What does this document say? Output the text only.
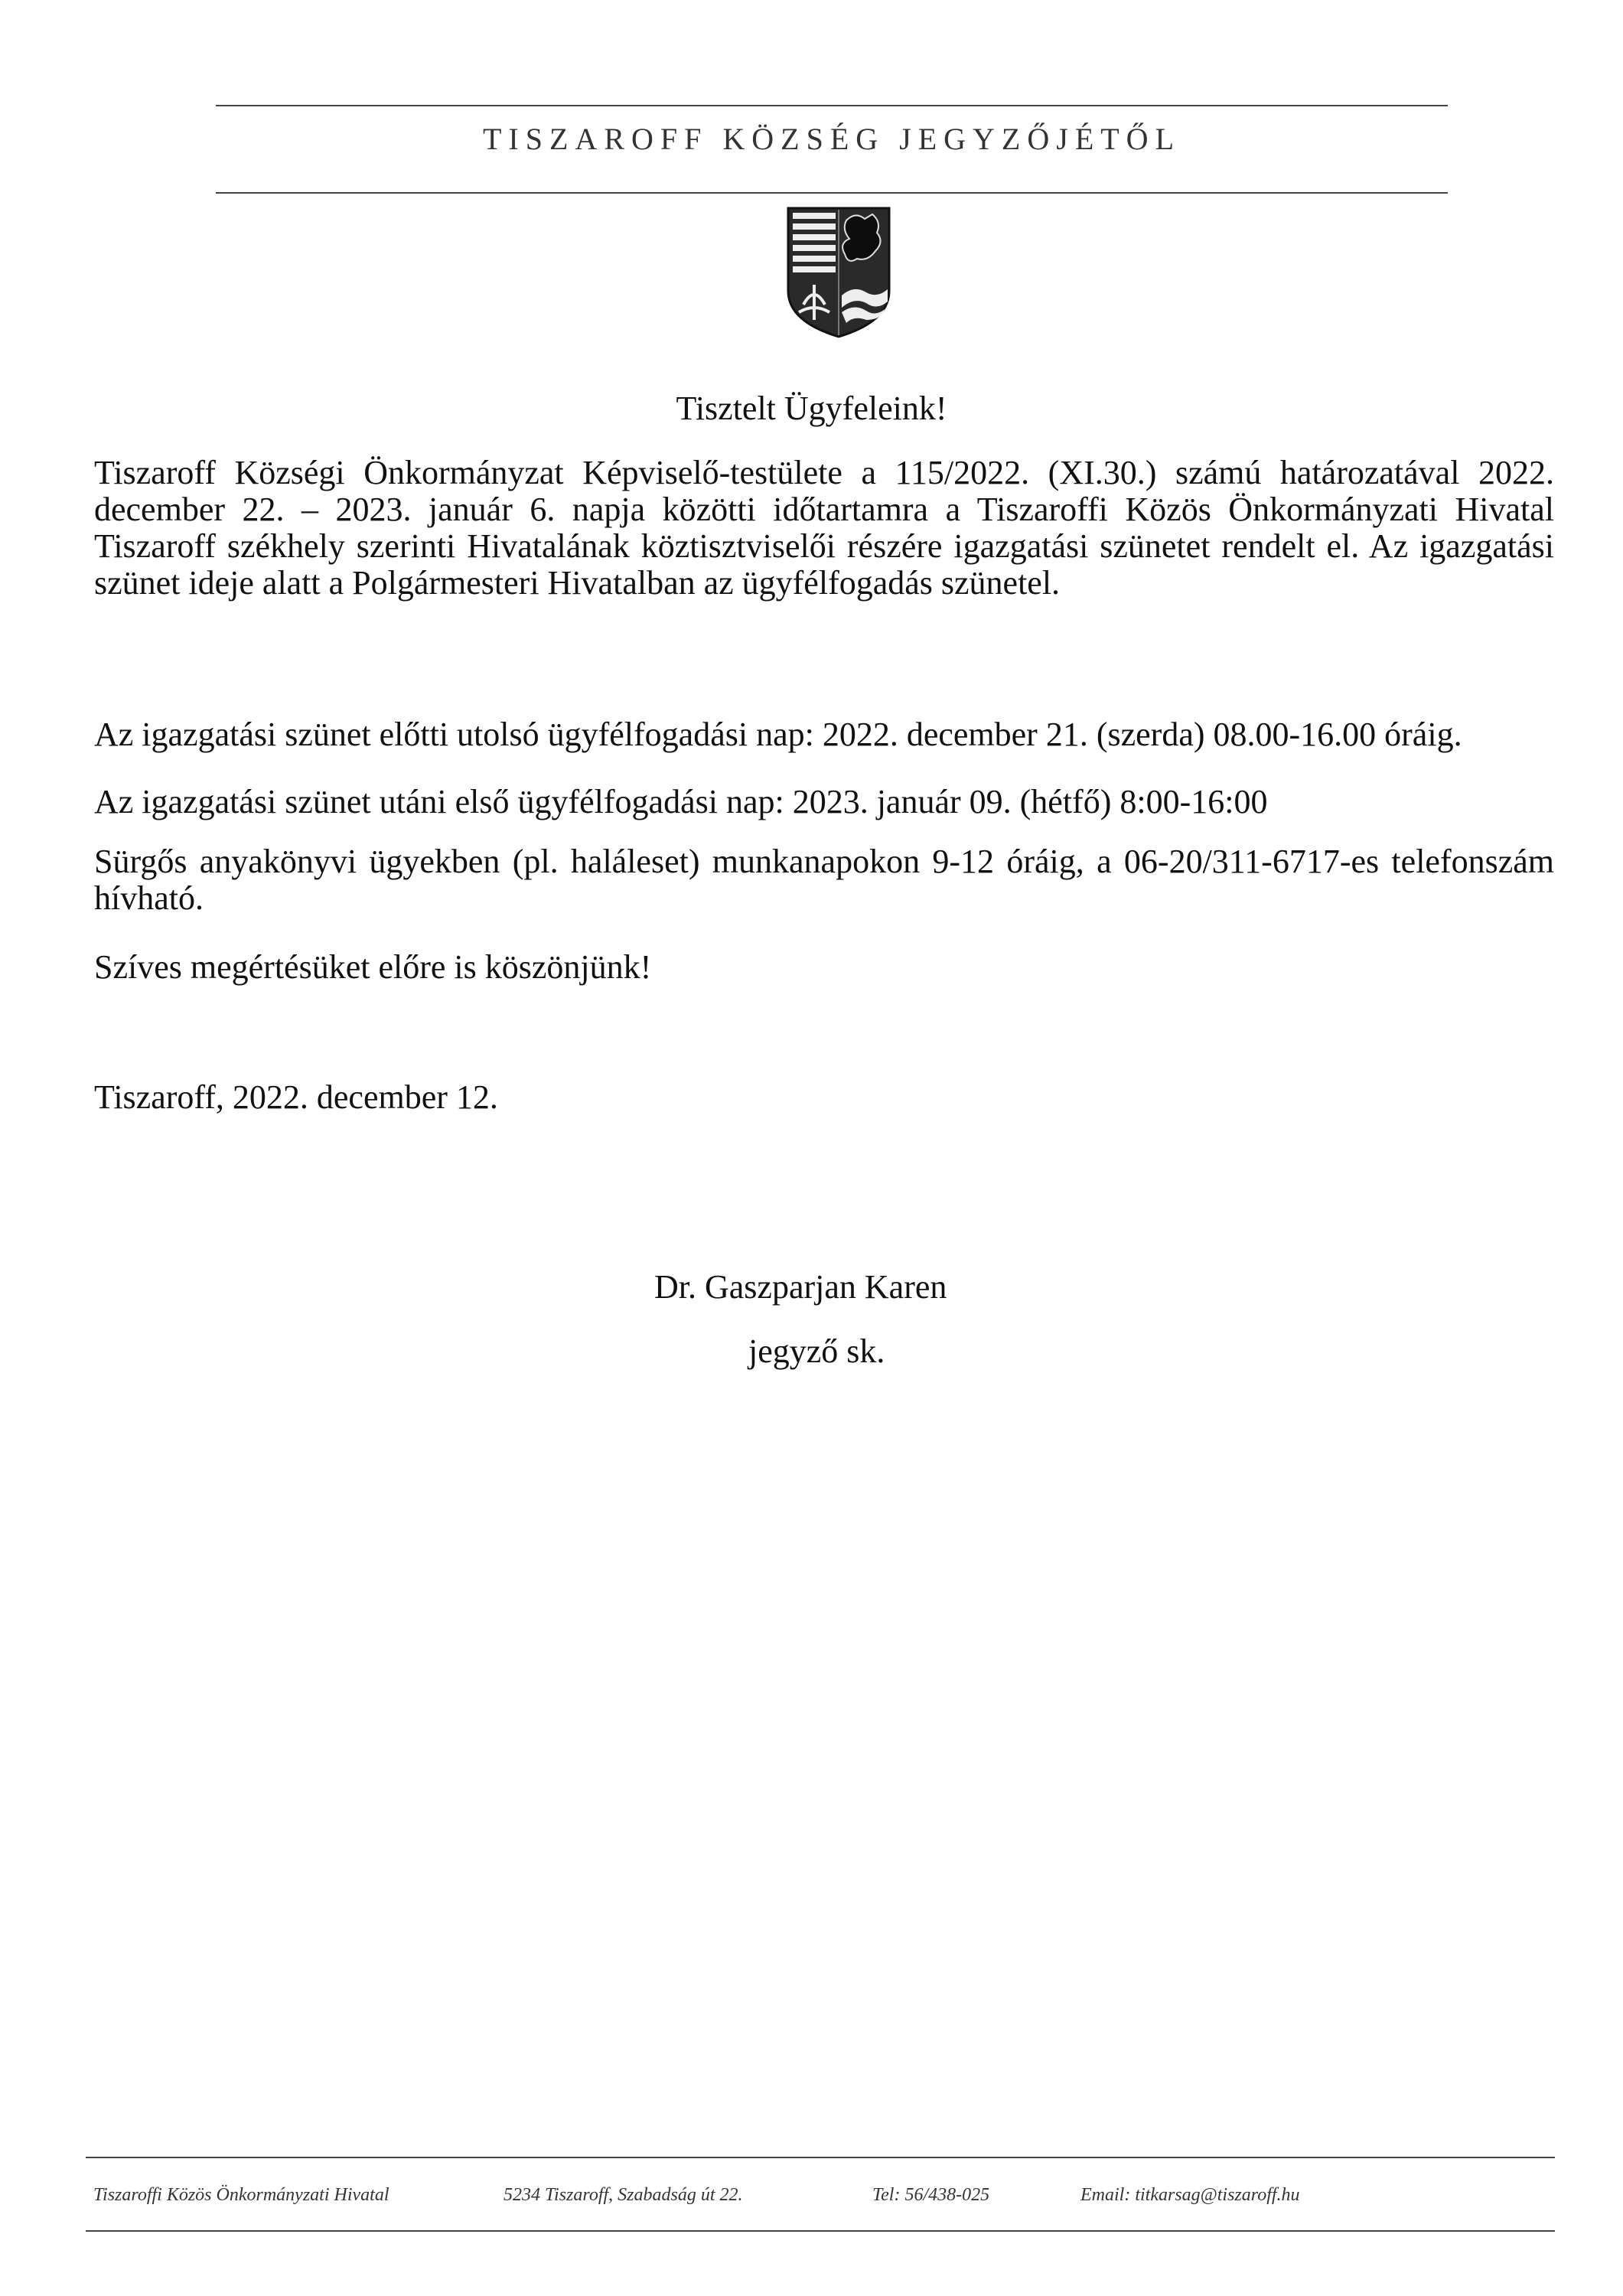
TISZAROFF KÖZSÉG JEGYZŐJÉTŐL
Tisztelt Ügyfeleink!

Tiszaroff Községi Önkormányzat Képviselő-testülete a 115/2022. (XI.30.) számú határozatával 2022. december 22. – 2023. január 6. napja közötti időtartamra a Tiszaroffi Közös Önkormányzati Hivatal Tiszaroff székhely szerinti Hivatalának köztisztviselői részére igazgatási szünetet rendelt el. Az igazgatási szünet ideje alatt a Polgármesteri Hivatalban az ügyfélfogadás szünetel.

Az igazgatási szünet előtti utolsó ügyfélfogadási nap: 2022. december 21. (szerda) 08.00-16.00 óráig.

Az igazgatási szünet utáni első ügyfélfogadási nap: 2023. január 09. (hétfő) 8:00-16:00

Sürgős anyakönyvi ügyekben (pl. haláleset) munkanapokon 9-12 óráig, a 06-20/311-6717-es telefonszám hívható.

Szíves megértésüket előre is köszönjünk!

Tiszaroff, 2022. december 12.
Dr. Gaszparjan Karen
jegyző sk.
Tiszaroffi Közös Önkormányzati Hivatal	5234 Tiszaroff, Szabadság út 22.	Tel: 56/438-025	Email: titkarsag@tiszaroff.hu
